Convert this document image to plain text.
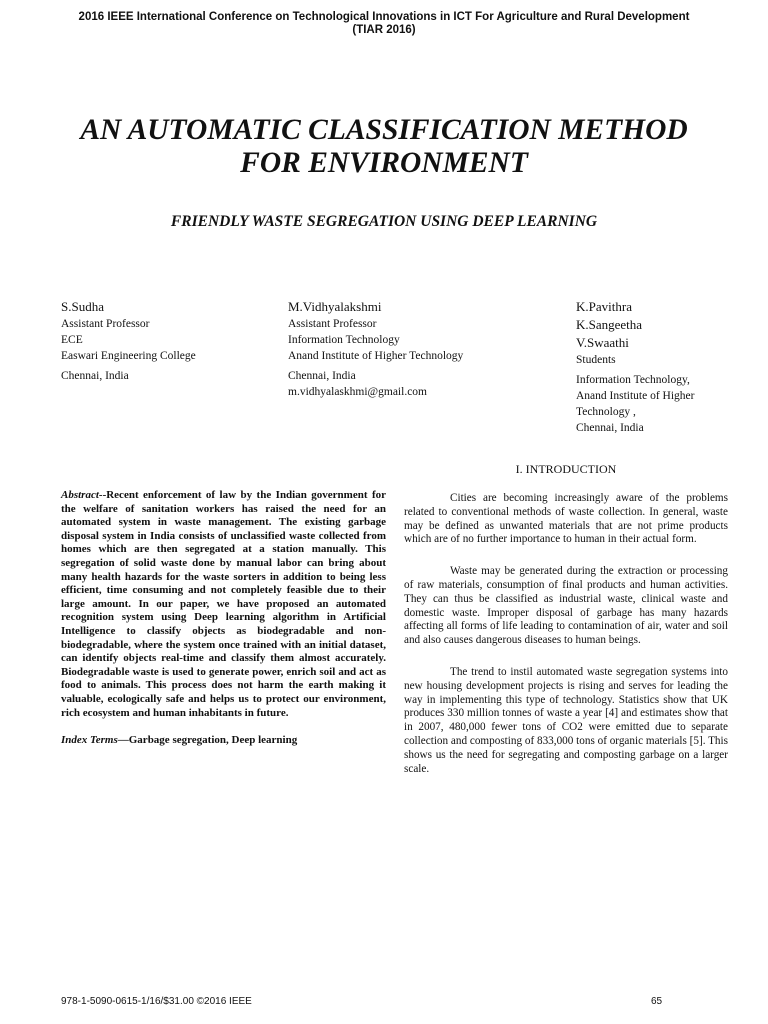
2016 IEEE International Conference on Technological Innovations in ICT For Agriculture and Rural Development
(TIAR 2016)
AN AUTOMATIC CLASSIFICATION METHOD
FOR ENVIRONMENT
FRIENDLY WASTE SEGREGATION USING DEEP LEARNING
S.Sudha
Assistant Professor
ECE
Easwari Engineering College
Chennai, India
M.Vidhyalakshmi
Assistant Professor
Information Technology
Anand Institute of Higher Technology
Chennai, India
m.vidhyalaskhmi@gmail.com
K.Pavithra
K.Sangeetha
V.Swaathi
Students
Information Technology,
Anand Institute of Higher
Technology ,
Chennai, India

Abstract--Recent enforcement of law by the Indian government for the welfare of sanitation workers has raised the need for an automated system in waste management. The existing garbage disposal system in India consists of unclassified waste collected from homes which are then segregated at a station manually. This segregation of solid waste done by manual labor can bring about many health hazards for the waste sorters in addition to being less efficient, time consuming and not completely feasible due to their large amount. In our paper, we have proposed an automated recognition system using Deep learning algorithm in Artificial Intelligence to classify objects as biodegradable and non-biodegradable, where the system once trained with an initial dataset, can identify objects real-time and classify them almost accurately. Biodegradable waste is used to generate power, enrich soil and act as food to animals. This process does not harm the earth making it valuable, ecologically safe and helps us to protect our environment, rich ecosystem and human inhabitants in future.

Index Terms—Garbage segregation, Deep learning

I. INTRODUCTION

Cities are becoming increasingly aware of the problems related to conventional methods of waste collection. In general, waste may be defined as unwanted materials that are not prime products which are of no further importance to human in their actual form.

Waste may be generated during the extraction or processing of raw materials, consumption of final products and human activities. They can thus be classified as industrial waste, clinical waste and domestic waste. Improper disposal of garbage has many hazards affecting all forms of life leading to contamination of air, water and soil and also causes dangerous diseases to human beings.

The trend to instil automated waste segregation systems into new housing development projects is rising and serves for leading the way in implementing this type of technology. Statistics show that UK produces 330 million tonnes of waste a year [4] and estimates show that in 2007, 480,000 fewer tons of CO2 were emitted due to separate collection and composting of 833,000 tons of organic materials [5]. This shows us the need for segregating and composting garbage on a larger scale.

978-1-5090-0615-1/16/$31.00 ©2016 IEEE	65
